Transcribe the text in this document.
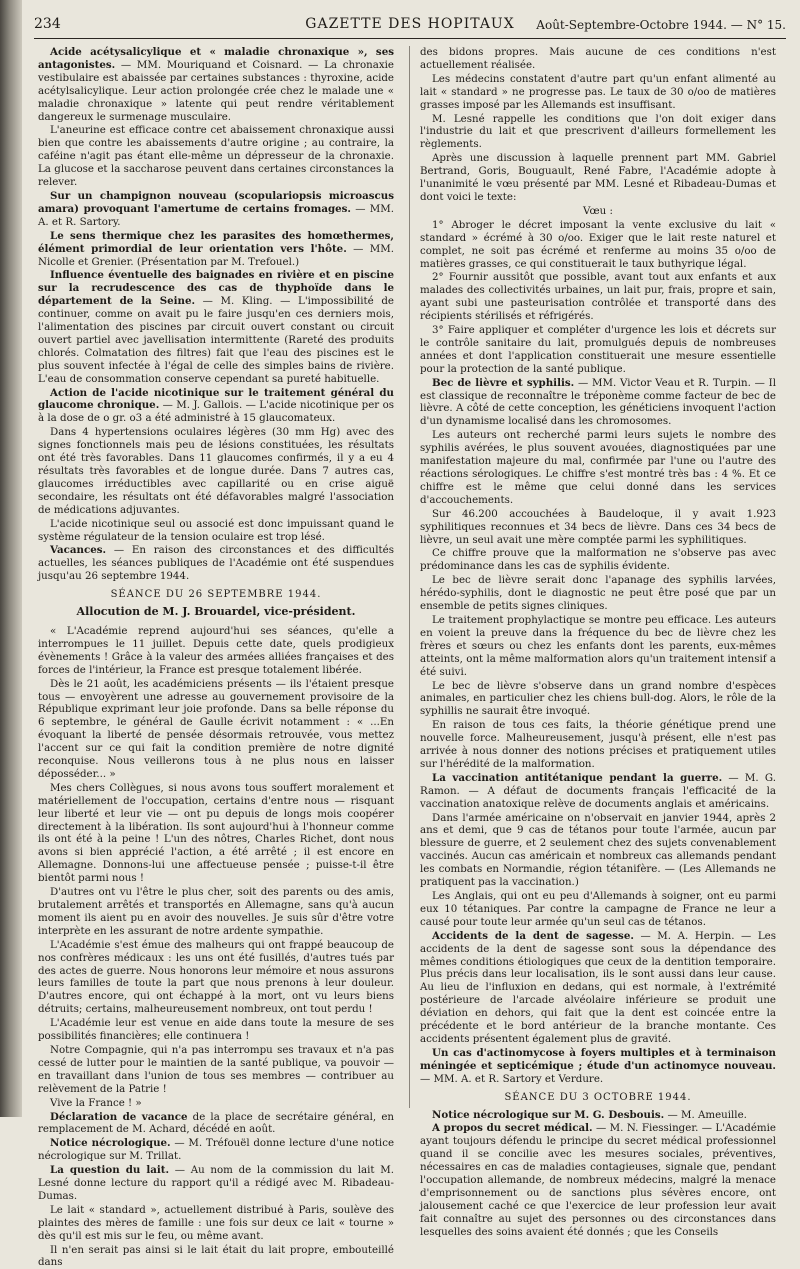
234	GAZETTE DES HOPITAUX	Août-Septembre-Octobre 1944. — N° 15.

Acide acétysalicylique et « maladie chronaxique », ses antagonistes. — MM. Mouriquand et Coisnard. — La chronaxie vestibulaire est abaissée par certaines substances : thyroxine, acide acétylsalicylique. Leur action prolongée crée chez le malade une « maladie chronaxique » latente qui peut rendre véritablement dangereux le surmenage musculaire.

L'aneurine est efficace contre cet abaissement chronaxique aussi bien que contre les abaissements d'autre origine ; au contraire, la caféine n'agit pas étant elle-même un dépresseur de la chronaxie. La glucose et la saccharose peuvent dans certaines circonstances la relever.

Sur un champignon nouveau (scopulariopsis microascus amara) provoquant l'amertume de certains fromages. — MM. A. et R. Sartory.

Le sens thermique chez les parasites des homœthermes, élément primordial de leur orientation vers l'hôte. — MM. Nicolle et Grenier. (Présentation par M. Trefouel.)

Influence éventuelle des baignades en rivière et en piscine sur la recrudescence des cas de thyphoïde dans le département de la Seine. — M. Kling. — L'impossibilité de continuer, comme on avait pu le faire jusqu'en ces derniers mois, l'alimentation des piscines par circuit ouvert constant ou circuit ouvert partiel avec javellisation intermittente (Rareté des produits chlorés. Colmatation des filtres) fait que l'eau des piscines est le plus souvent infectée à l'égal de celle des simples bains de rivière. L'eau de consommation conserve cependant sa pureté habituelle.

Action de l'acide nicotinique sur le traitement général du glaucome chronique. — M. J. Gallois. — L'acide nicotinique per os à la dose de o gr. o3 a été administré à 15 glaucomateux.

Dans 4 hypertensions oculaires légères (30 mm Hg) avec des signes fonctionnels mais peu de lésions constituées, les résultats ont été très favorables. Dans 11 glaucomes confirmés, il y a eu 4 résultats très favorables et de longue durée. Dans 7 autres cas, glaucomes irréductibles avec capillarité ou en crise aiguë secondaire, les résultats ont été défavorables malgré l'association de médications adjuvantes.

L'acide nicotinique seul ou associé est donc impuissant quand le système régulateur de la tension oculaire est trop lésé.

Vacances. — En raison des circonstances et des difficultés actuelles, les séances publiques de l'Académie ont été suspendues jusqu'au 26 septembre 1944.

SÉANCE DU 26 SEPTEMBRE 1944.
Allocution de M. J. Brouardel, vice-président.

« L'Académie reprend aujourd'hui ses séances, qu'elle a interrompues le 11 juillet. Depuis cette date, quels prodigieux évènements ! Grâce à la valeur des armées alliées françaises et des forces de l'intérieur, la France est presque totalement libérée.

Dès le 21 août, les académiciens présents — ils l'étaient presque tous — envoyèrent une adresse au gouvernement provisoire de la République exprimant leur joie profonde. Dans sa belle réponse du 6 septembre, le général de Gaulle écrivit notamment : « ...En évoquant la liberté de pensée désormais retrouvée, vous mettez l'accent sur ce qui fait la condition première de notre dignité reconquise. Nous veillerons tous à ne plus nous en laisser déposséder... »

Mes chers Collègues, si nous avons tous souffert moralement et matériellement de l'occupation, certains d'entre nous — risquant leur liberté et leur vie — ont pu depuis de longs mois coopérer directement à la libération. Ils sont aujourd'hui à l'honneur comme ils ont été à la peine ! L'un des nôtres, Charles Richet, dont nous avons si bien apprécié l'action, a été arrêté ; il est encore en Allemagne. Donnons-lui une affectueuse pensée ; puisse-t-il être bientôt parmi nous !

D'autres ont vu l'être le plus cher, soit des parents ou des amis, brutalement arrêtés et transportés en Allemagne, sans qu'à aucun moment ils aient pu en avoir des nouvelles. Je suis sûr d'être votre interprète en les assurant de notre ardente sympathie.

L'Académie s'est émue des malheurs qui ont frappé beaucoup de nos confrères médicaux : les uns ont été fusillés, d'autres tués par des actes de guerre. Nous honorons leur mémoire et nous assurons leurs familles de toute la part que nous prenons à leur douleur. D'autres encore, qui ont échappé à la mort, ont vu leurs biens détruits; certains, malheureusement nombreux, ont tout perdu !

L'Académie leur est venue en aide dans toute la mesure de ses possibilités financières; elle continuera !

Notre Compagnie, qui n'a pas interrompu ses travaux et n'a pas cessé de lutter pour le maintien de la santé publique, va pouvoir — en travaillant dans l'union de tous ses membres — contribuer au relèvement de la Patrie !

Vive la France ! »

Déclaration de vacance de la place de secrétaire général, en remplacement de M. Achard, décédé en août.

Notice nécrologique. — M. Tréfouël donne lecture d'une notice nécrologique sur M. Trillat.

La question du lait. — Au nom de la commission du lait M. Lesné donne lecture du rapport qu'il a rédigé avec M. Ribadeau-Dumas.

Le lait « standard », actuellement distribué à Paris, soulève des plaintes des mères de famille : une fois sur deux ce lait « tourne » dès qu'il est mis sur le feu, ou même avant.

Il n'en serait pas ainsi si le lait était du lait propre, embouteillé dans

des bidons propres. Mais aucune de ces conditions n'est actuellement réalisée.

Les médecins constatent d'autre part qu'un enfant alimenté au lait « standard » ne progresse pas. Le taux de 30 o/oo de matières grasses imposé par les Allemands est insuffisant.

M. Lesné rappelle les conditions que l'on doit exiger dans l'industrie du lait et que prescrivent d'ailleurs formellement les règlements.

Après une discussion à laquelle prennent part MM. Gabriel Bertrand, Goris, Bouguault, René Fabre, l'Académie adopte à l'unanimité le vœu présenté par MM. Lesné et Ribadeau-Dumas et dont voici le texte:

Vœu :

1° Abroger le décret imposant la vente exclusive du lait « standard » écrémé à 30 o/oo. Exiger que le lait reste naturel et complet, ne soit pas écrémé et renferme au moins 35 o/oo de matières grasses, ce qui constituerait le taux buthyrique légal.

2° Fournir aussitôt que possible, avant tout aux enfants et aux malades des collectivités urbaines, un lait pur, frais, propre et sain, ayant subi une pasteurisation contrôlée et transporté dans des récipients stérilisés et réfrigérés.

3° Faire appliquer et compléter d'urgence les lois et décrets sur le contrôle sanitaire du lait, promulgués depuis de nombreuses années et dont l'application constituerait une mesure essentielle pour la protection de la santé publique.

Bec de lièvre et syphilis. — MM. Victor Veau et R. Turpin. — Il est classique de reconnaître le tréponème comme facteur de bec de lièvre. A côté de cette conception, les généticiens invoquent l'action d'un dynamisme localisé dans les chromosomes.

Les auteurs ont recherché parmi leurs sujets le nombre des syphilis avérées, le plus souvent avouées, diagnostiquées par une manifestation majeure du mal, confirmée par l'une ou l'autre des réactions sérologiques. Le chiffre s'est montré très bas : 4 %. Et ce chiffre est le même que celui donné dans les services d'accouchements.

Sur 46.200 accouchées à Baudeloque, il y avait 1.923 syphilitiques reconnues et 34 becs de lièvre. Dans ces 34 becs de lièvre, un seul avait une mère comptée parmi les syphilitiques.

Ce chiffre prouve que la malformation ne s'observe pas avec prédominance dans les cas de syphilis évidente.

Le bec de lièvre serait donc l'apanage des syphilis larvées, hérédo-syphilis, dont le diagnostic ne peut être posé que par un ensemble de petits signes cliniques.

Le traitement prophylactique se montre peu efficace. Les auteurs en voient la preuve dans la fréquence du bec de lièvre chez les frères et sœurs ou chez les enfants dont les parents, eux-mêmes atteints, ont la même malformation alors qu'un traitement intensif a été suivi.

Le bec de lièvre s'observe dans un grand nombre d'espèces animales, en particulier chez les chiens bull-dog. Alors, le rôle de la syphillis ne saurait être invoqué.

En raison de tous ces faits, la théorie génétique prend une nouvelle force. Malheureusement, jusqu'à présent, elle n'est pas arrivée à nous donner des notions précises et pratiquement utiles sur l'hérédité de la malformation.

La vaccination antitétanique pendant la guerre. — M. G. Ramon. — A défaut de documents français l'efficacité de la vaccination anatoxique relève de documents anglais et américains.

Dans l'armée américaine on n'observait en janvier 1944, après 2 ans et demi, que 9 cas de tétanos pour toute l'armée, aucun par blessure de guerre, et 2 seulement chez des sujets convenablement vaccinés. Aucun cas américain et nombreux cas allemands pendant les combats en Normandie, région tétanifère. — (Les Allemands ne pratiquent pas la vaccination.)

Les Anglais, qui ont eu peu d'Allemands à soigner, ont eu parmi eux 10 tétaniques. Par contre la campagne de France ne leur a causé pour toute leur armée qu'un seul cas de tétanos.

Accidents de la dent de sagesse. — M. A. Herpin. — Les accidents de la dent de sagesse sont sous la dépendance des mêmes conditions étiologiques que ceux de la dentition temporaire. Plus précis dans leur localisation, ils le sont aussi dans leur cause. Au lieu de l'influxion en dedans, qui est normale, à l'extrémité postérieure de l'arcade alvéolaire inférieure se produit une déviation en dehors, qui fait que la dent est coincée entre la précédente et le bord antérieur de la branche montante. Ces accidents présentent également plus de gravité.

Un cas d'actinomycose à foyers multiples et à terminaison méningée et septicémique ; étude d'un actinomyce nouveau. — MM. A. et R. Sartory et Verdure.

SÉANCE DU 3 OCTOBRE 1944.

Notice nécrologique sur M. G. Desbouis. — M. Ameuille.

A propos du secret médical. — M. N. Fiessinger. — L'Académie ayant toujours défendu le principe du secret médical professionnel quand il se concilie avec les mesures sociales, préventives, nécessaires en cas de maladies contagieuses, signale que, pendant l'occupation allemande, de nombreux médecins, malgré la menace d'emprisonnement ou de sanctions plus sévères encore, ont jalousement caché ce que l'exercice de leur profession leur avait fait connaître au sujet des personnes ou des circonstances dans lesquelles des soins avaient été donnés ; que les Conseils
